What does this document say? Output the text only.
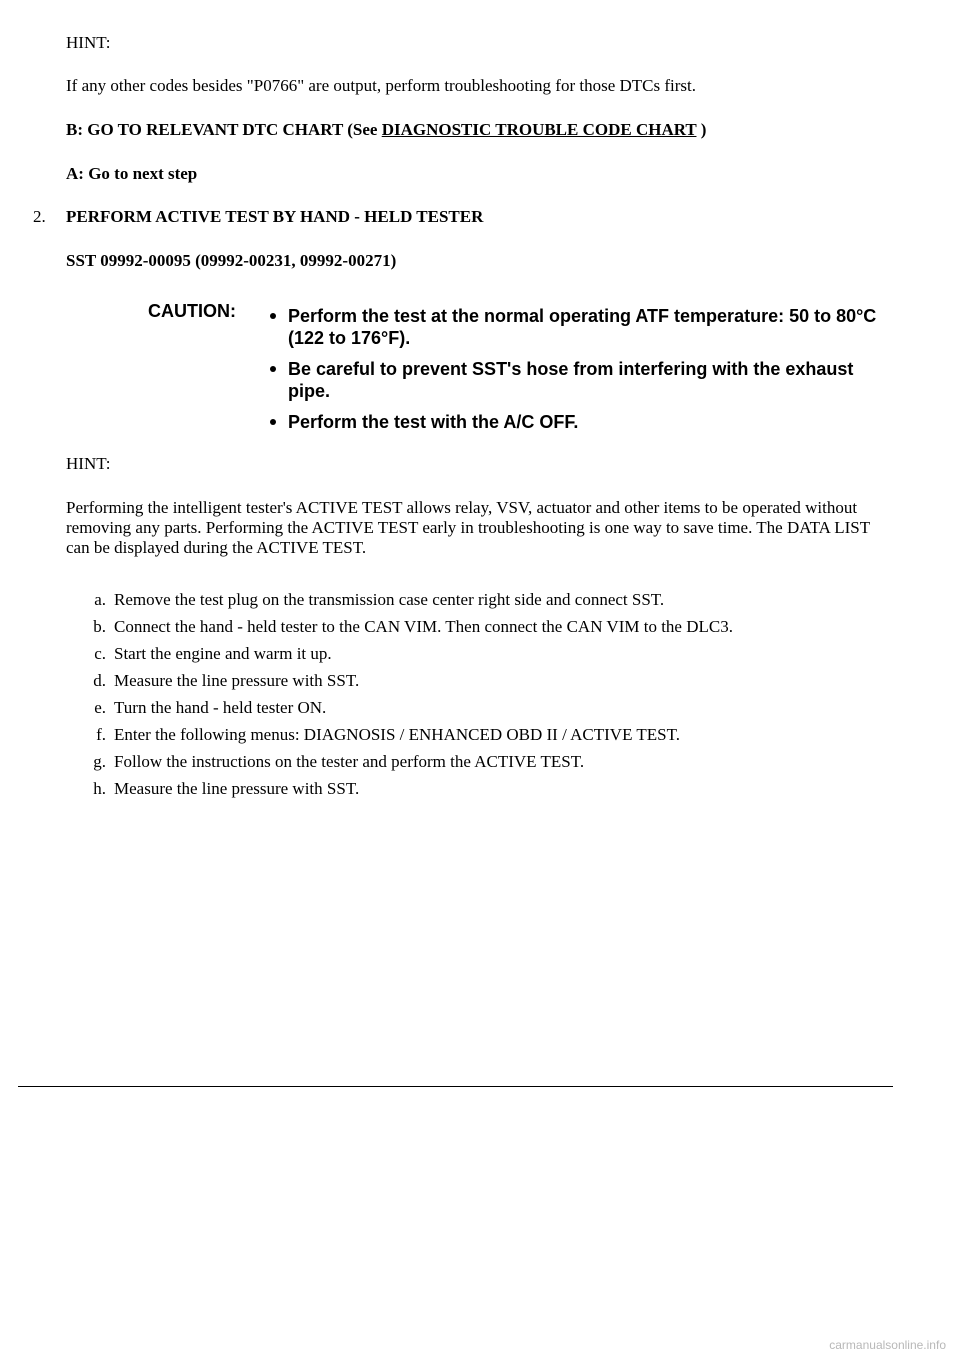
HINT:

If any other codes besides "P0766" are output, perform troubleshooting for those DTCs first.

B: GO TO RELEVANT DTC CHART (See DIAGNOSTIC TROUBLE CODE CHART )

A: Go to next step

2. PERFORM ACTIVE TEST BY HAND - HELD TESTER

SST 09992-00095 (09992-00231, 09992-00271)

CAUTION:	Perform the test at the normal operating ATF temperature: 50 to 80°C (122 to 176°F).
Be careful to prevent SST's hose from interfering with the exhaust pipe.
Perform the test with the A/C OFF.

HINT:

Performing the intelligent tester's ACTIVE TEST allows relay, VSV, actuator and other items to be operated without removing any parts. Performing the ACTIVE TEST early in troubleshooting is one way to save time. The DATA LIST can be displayed during the ACTIVE TEST.

a. Remove the test plug on the transmission case center right side and connect SST.
b. Connect the hand - held tester to the CAN VIM. Then connect the CAN VIM to the DLC3.
c. Start the engine and warm it up.
d. Measure the line pressure with SST.
e. Turn the hand - held tester ON.
f. Enter the following menus: DIAGNOSIS / ENHANCED OBD II / ACTIVE TEST.
g. Follow the instructions on the tester and perform the ACTIVE TEST.
h. Measure the line pressure with SST.
carmanualsonline.info
